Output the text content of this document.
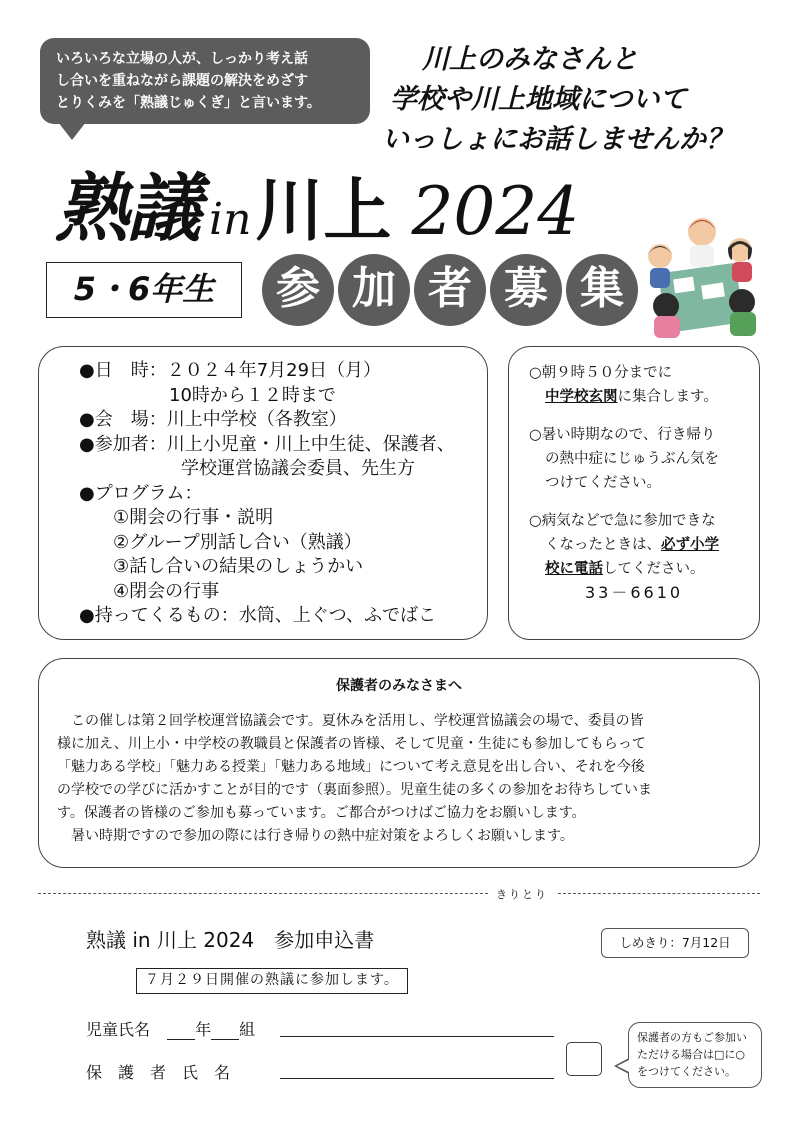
いろいろな立場の人が、しっかり考え話

し合いを重ねながら課題の解決をめざす

とりくみを「熟議じゅくぎ」と言います。

川上のみなさんと

学校や川上地域について

いっしょにお話しませんか？

熟議 in川上 2024
5・6年生	参 加 者 募 集
●日　時：２０２４年7月29日（月）
10時から１２時まで
●会　場：川上中学校（各教室）
●参加者：川上小児童・川上中生徒、保護者、
学校運営協議会委員、先生方
●プログラム：
①開会の行事・説明
②グループ別話し合い（熟議）
③話し合いの結果のしょうかい
④閉会の行事
●持ってくるもの：水筒、上ぐつ、ふでばこ
○朝９時５０分までに
中学校玄関に集合します。
○暑い時期なので、行き帰り
の熱中症にじゅうぶん気を
つけてください。
○病気などで急に参加できな
くなったときは、必ず小学
校に電話してください。
33－6610
保護者のみなさまへ
　この催しは第２回学校運営協議会です。夏休みを活用し、学校運営協議会の場で、委員の皆
様に加え、川上小・中学校の教職員と保護者の皆様、そして児童・生徒にも参加してもらって
「魅力ある学校」「魅力ある授業」「魅力ある地域」について考え意見を出し合い、それを今後
の学校での学びに活かすことが目的です（裏面参照）。児童生徒の多くの参加をお待ちしていま
す。保護者の皆様のご参加も募っています。ご都合がつけばご協力をお願いします。
　暑い時期ですので参加の際には行き帰りの熱中症対策をよろしくお願いします。
きりとり
熟議 in 川上 2024　参加申込書	しめきり：7月12日
７月２９日開催の熟議に参加します。
児童氏名	年 組
保護者氏名
保護者の方もご参加い
ただける場合は□に○
をつけてください。
